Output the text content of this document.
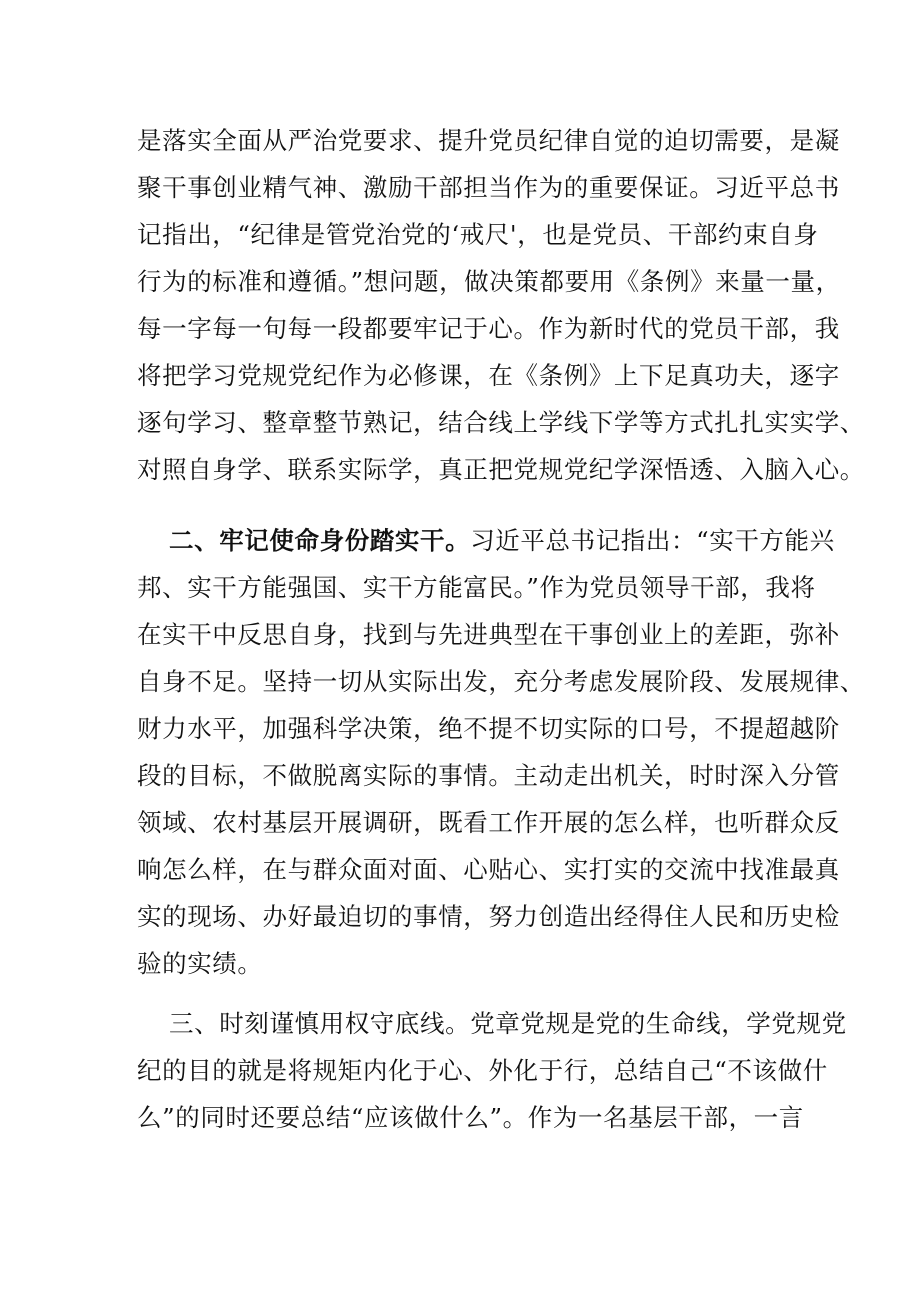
是落实全面从严治党要求、提升党员纪律自觉的迫切需要，是凝
聚干事创业精气神、激励干部担当作为的重要保证。习近平总书
记指出，“纪律是管党治党的‘戒尺'，也是党员、干部约束自身
行为的标准和遵循。”想问题，做决策都要用《条例》来量一量，
每一字每一句每一段都要牢记于心。作为新时代的党员干部，我
将把学习党规党纪作为必修课，在《条例》上下足真功夫，逐字
逐句学习、整章整节熟记，结合线上学线下学等方式扎扎实实学、
对照自身学、联系实际学，真正把党规党纪学深悟透、入脑入心。
二、牢记使命身份踏实干。习近平总书记指出：“实干方能兴
邦、实干方能强国、实干方能富民。”作为党员领导干部，我将
在实干中反思自身，找到与先进典型在干事创业上的差距，弥补
自身不足。坚持一切从实际出发，充分考虑发展阶段、发展规律、
财力水平，加强科学决策，绝不提不切实际的口号，不提超越阶
段的目标，不做脱离实际的事情。主动走出机关，时时深入分管
领域、农村基层开展调研，既看工作开展的怎么样，也听群众反
响怎么样，在与群众面对面、心贴心、实打实的交流中找准最真
实的现场、办好最迫切的事情，努力创造出经得住人民和历史检
验的实绩。
三、时刻谨慎用权守底线。党章党规是党的生命线，学党规党
纪的目的就是将规矩内化于心、外化于行，总结自己“不该做什
么”的同时还要总结“应该做什么”。作为一名基层干部，一言
